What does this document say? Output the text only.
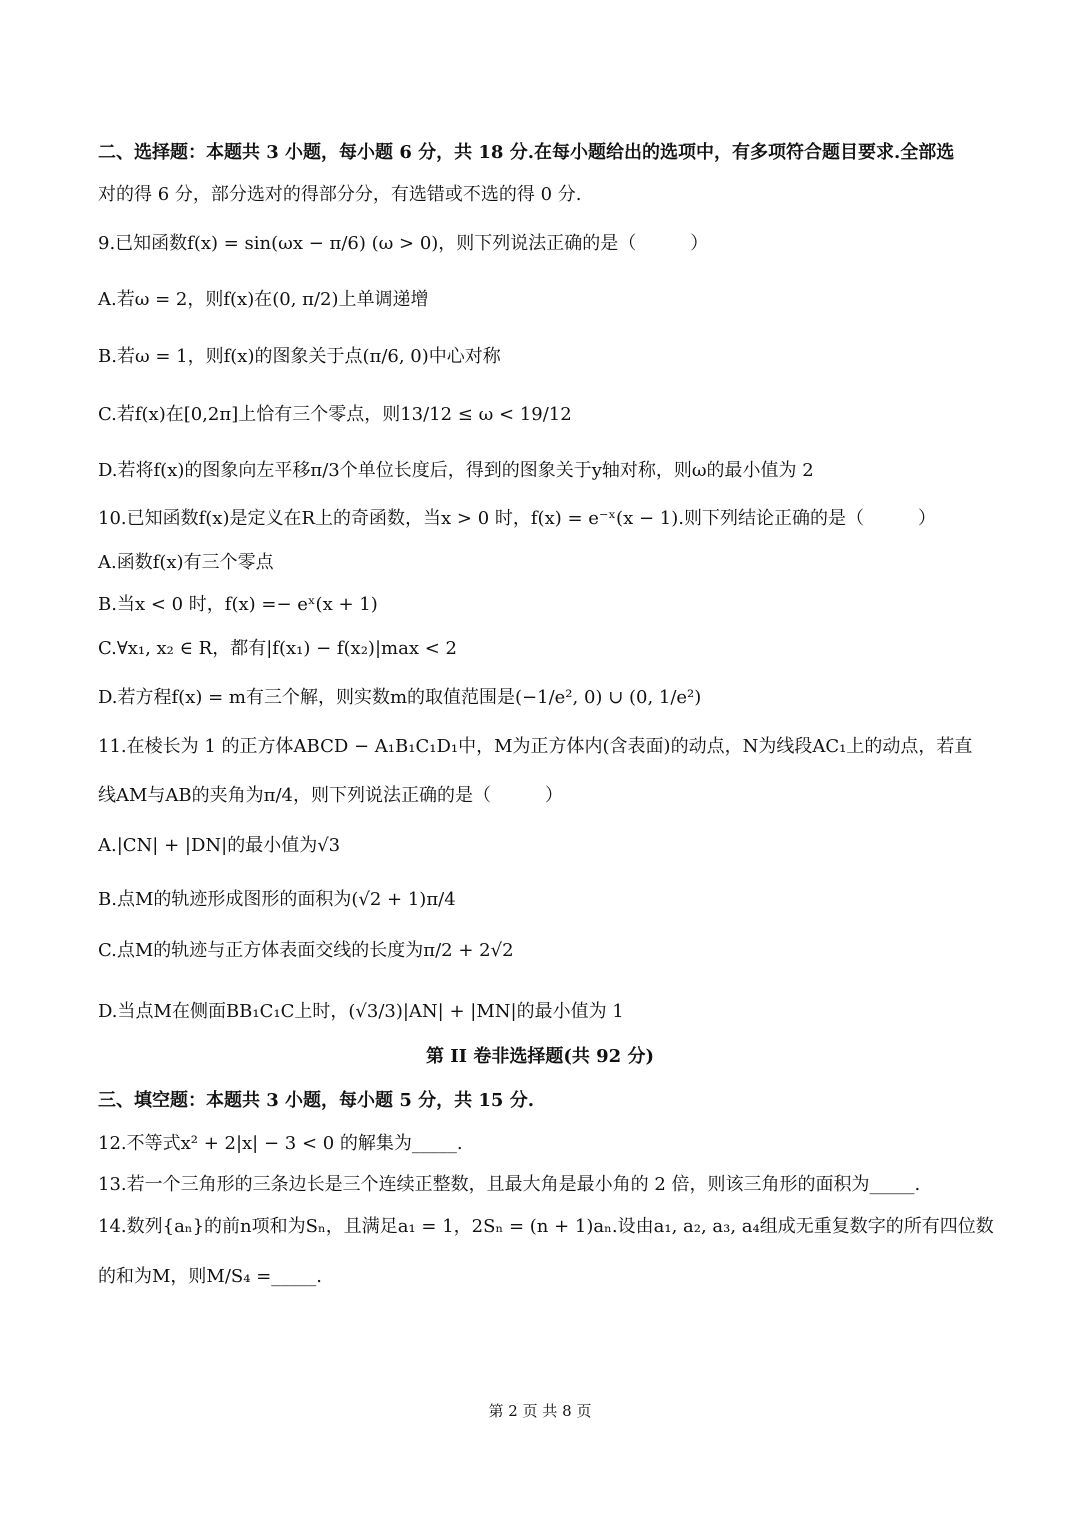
二、选择题：本题共 3 小题，每小题 6 分，共 18 分.在每小题给出的选项中，有多项符合题目要求.全部选
对的得 6 分，部分选对的得部分分，有选错或不选的得 0 分.
9.已知函数f(x) = sin(ωx − π/6) (ω > 0)，则下列说法正确的是（　　　）
A.若ω = 2，则f(x)在(0, π/2)上单调递增
B.若ω = 1，则f(x)的图象关于点(π/6, 0)中心对称
C.若f(x)在[0,2π]上恰有三个零点，则13/12 ≤ ω < 19/12
D.若将f(x)的图象向左平移π/3个单位长度后，得到的图象关于y轴对称，则ω的最小值为 2
10.已知函数f(x)是定义在R上的奇函数，当x > 0 时，f(x) = e⁻ˣ(x − 1).则下列结论正确的是（　　　）
A.函数f(x)有三个零点
B.当x < 0 时，f(x) =− eˣ(x + 1)
C.∀x₁, x₂ ∈ R，都有|f(x₁) − f(x₂)|max < 2
D.若方程f(x) = m有三个解，则实数m的取值范围是(−1/e², 0) ∪ (0, 1/e²)
11.在棱长为 1 的正方体ABCD − A₁B₁C₁D₁中，M为正方体内(含表面)的动点，N为线段AC₁上的动点，若直
线AM与AB的夹角为π/4，则下列说法正确的是（　　　）
A.|CN| + |DN|的最小值为√3
B.点M的轨迹形成图形的面积为(√2 + 1)π/4
C.点M的轨迹与正方体表面交线的长度为π/2 + 2√2
D.当点M在侧面BB₁C₁C上时，(√3/3)|AN| + |MN|的最小值为 1
第 II 卷非选择题(共 92 分)
三、填空题：本题共 3 小题，每小题 5 分，共 15 分.
12.不等式x² + 2|x| − 3 < 0 的解集为_____.
13.若一个三角形的三条边长是三个连续正整数，且最大角是最小角的 2 倍，则该三角形的面积为_____.
14.数列{aₙ}的前n项和为Sₙ，且满足a₁ = 1，2Sₙ = (n + 1)aₙ.设由a₁, a₂, a₃, a₄组成无重复数字的所有四位数
的和为M，则M/S₄ =_____.
第 2 页 共 8 页
